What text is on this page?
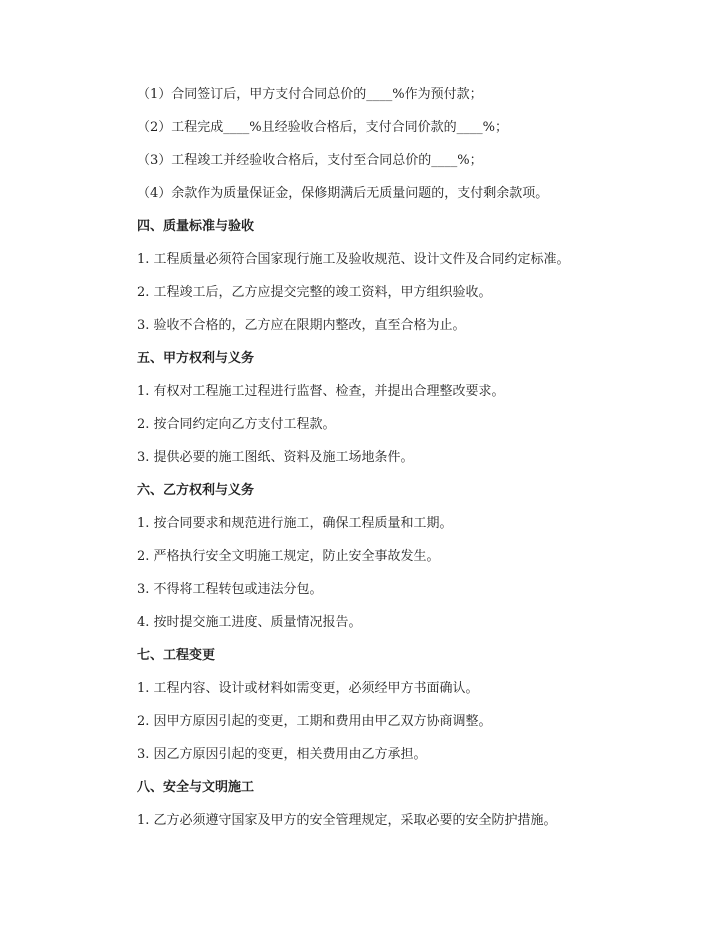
（1）合同签订后，甲方支付合同总价的____%作为预付款；
（2）工程完成____%且经验收合格后，支付合同价款的____%；
（3）工程竣工并经验收合格后，支付至合同总价的____%；
（4）余款作为质量保证金，保修期满后无质量问题的，支付剩余款项。
四、质量标准与验收
1. 工程质量必须符合国家现行施工及验收规范、设计文件及合同约定标准。
2. 工程竣工后，乙方应提交完整的竣工资料，甲方组织验收。
3. 验收不合格的，乙方应在限期内整改，直至合格为止。
五、甲方权利与义务
1. 有权对工程施工过程进行监督、检查，并提出合理整改要求。
2. 按合同约定向乙方支付工程款。
3. 提供必要的施工图纸、资料及施工场地条件。
六、乙方权利与义务
1. 按合同要求和规范进行施工，确保工程质量和工期。
2. 严格执行安全文明施工规定，防止安全事故发生。
3. 不得将工程转包或违法分包。
4. 按时提交施工进度、质量情况报告。
七、工程变更
1. 工程内容、设计或材料如需变更，必须经甲方书面确认。
2. 因甲方原因引起的变更，工期和费用由甲乙双方协商调整。
3. 因乙方原因引起的变更，相关费用由乙方承担。
八、安全与文明施工
1. 乙方必须遵守国家及甲方的安全管理规定，采取必要的安全防护措施。
